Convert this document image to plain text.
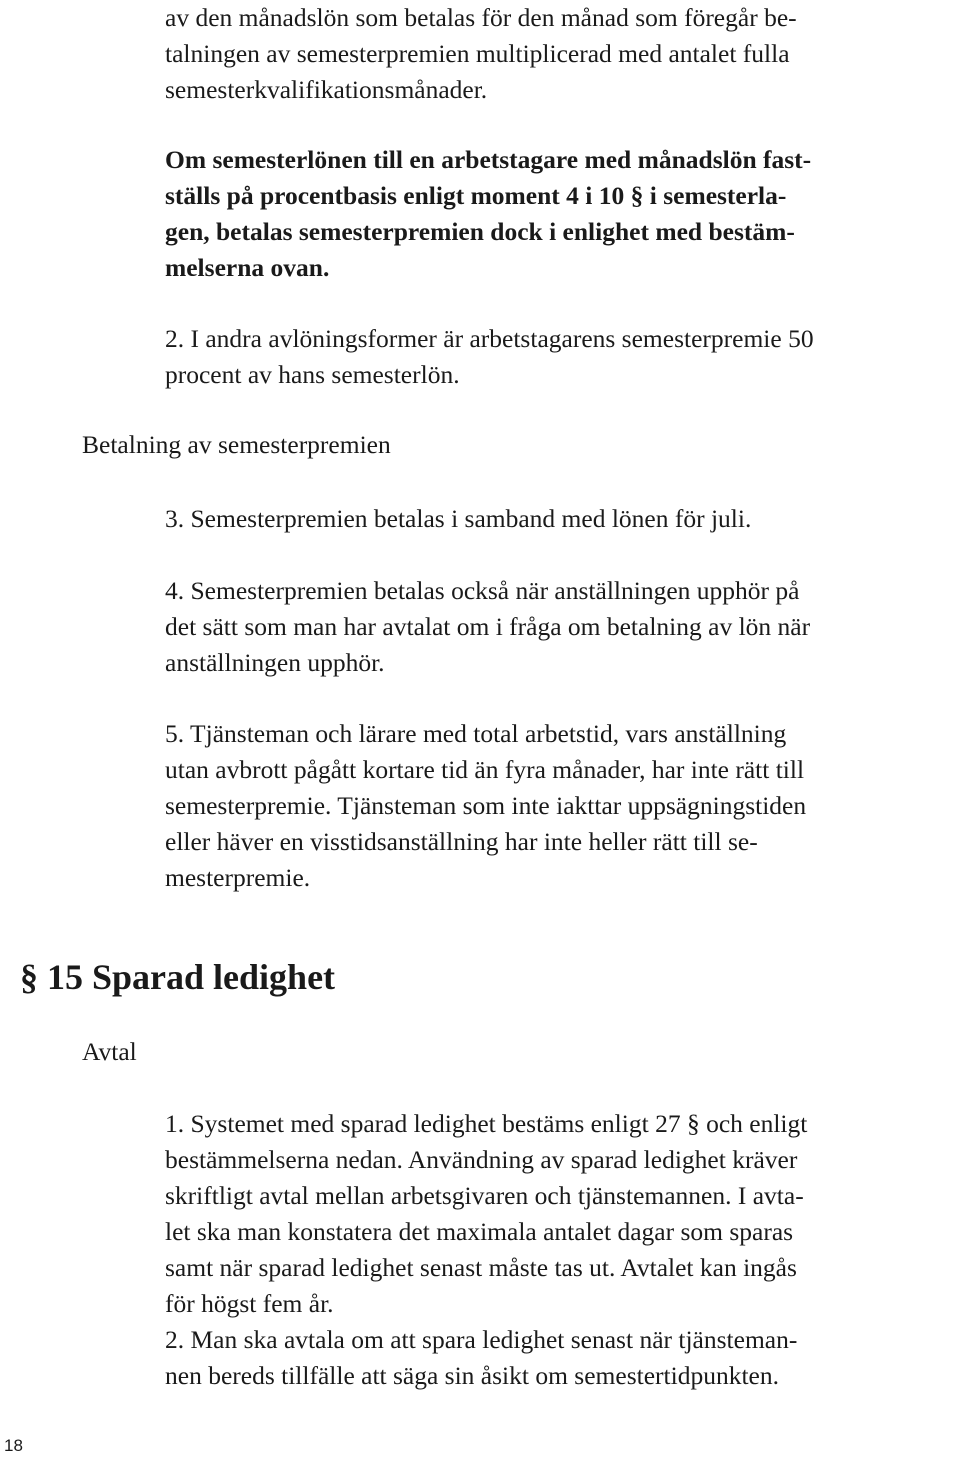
av den månadslön som betalas för den månad som föregår be-
talningen av semesterpremien multiplicerad med antalet fulla
semesterkvalifikationsmånader.
Om semesterlönen till en arbetstagare med månadslön fast-
ställs på procentbasis enligt moment 4 i 10 § i semesterla-
gen, betalas semesterpremien dock i enlighet med bestäm-
melserna ovan.
2. I andra avlöningsformer är arbetstagarens semesterpremie 50
procent av hans semesterlön.
Betalning av semesterpremien
3. Semesterpremien betalas i samband med lönen för juli.
4. Semesterpremien betalas också när anställningen upphör på
det sätt som man har avtalat om i fråga om betalning av lön när
anställningen upphör.
5. Tjänsteman och lärare med total arbetstid, vars anställning
utan avbrott pågått kortare tid än fyra månader, har inte rätt till
semesterpremie. Tjänsteman som inte iakttar uppsägningstiden
eller häver en visstidsanställning har inte heller rätt till se-
mesterpremie.
§ 15 Sparad ledighet
Avtal
1. Systemet med sparad ledighet bestäms enligt 27 § och enligt
bestämmelserna nedan. Användning av sparad ledighet kräver
skriftligt avtal mellan arbetsgivaren och tjänstemannen. I avta-
let ska man konstatera det maximala antalet dagar som sparas
samt när sparad ledighet senast måste tas ut. Avtalet kan ingås
för högst fem år.
2. Man ska avtala om att spara ledighet senast när tjänsteman-
nen bereds tillfälle att säga sin åsikt om semestertidpunkten.
18
